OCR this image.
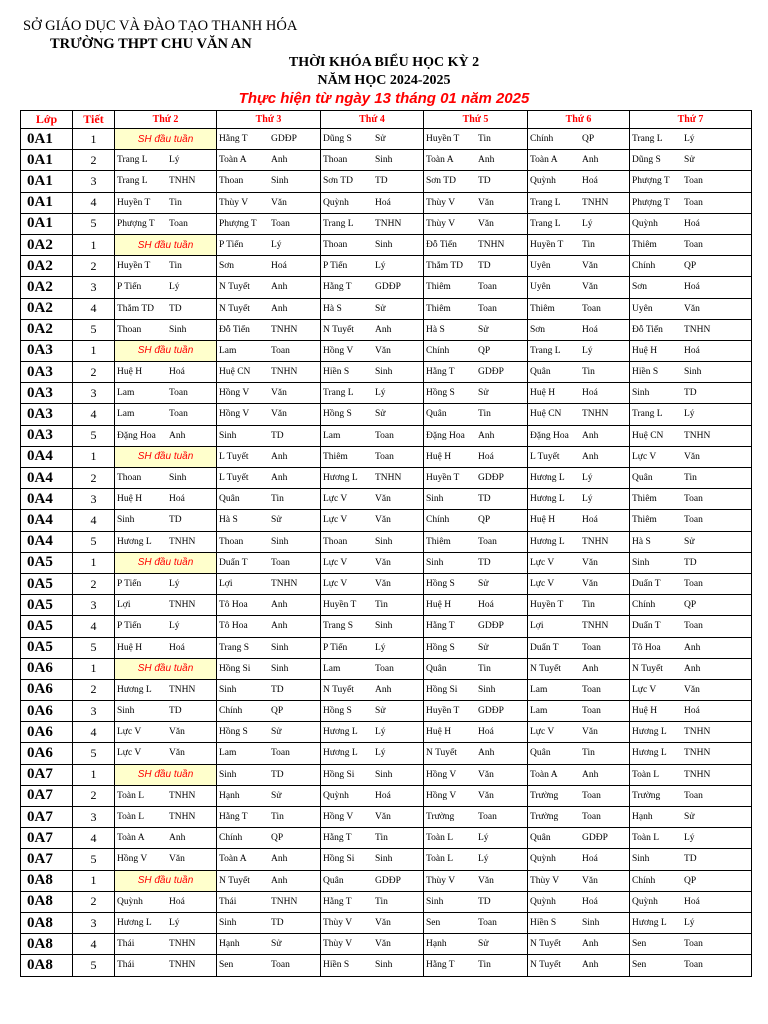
SỞ GIÁO DỤC VÀ ĐÀO TẠO THANH HÓA
TRƯỜNG THPT CHU VĂN AN
THỜI KHÓA BIỂU HỌC KỲ 2
NĂM HỌC 2024-2025
Thực hiện từ ngày 13 tháng 01 năm 2025
Lớp	Tiết	Thứ 2	Thứ 3	Thứ 4	Thứ 5	Thứ 6	Thứ 7
0A1	1	SH đầu tuần	Hằng T GDĐP	Dũng S Sử	Huyền T Tin	Chính QP	Trang L Lý
0A1	2	Trang L Lý	Toàn A Anh	Thoan Sinh	Toàn A Anh	Toàn A Anh	Dũng S Sử
0A1	3	Trang L TNHN	Thoan Sinh	Sơn TD TD	Sơn TD TD	Quỳnh Hoá	Phượng T Toan
0A1	4	Huyền T Tin	Thùy V Văn	Quỳnh Hoá	Thùy V Văn	Trang L TNHN	Phượng T Toan
0A1	5	Phượng T Toan	Phượng T Toan	Trang L TNHN	Thùy V Văn	Trang L Lý	Quỳnh Hoá
0A2	1	SH đầu tuần	P Tiến Lý	Thoan Sinh	Đỗ Tiến TNHN	Huyền T Tin	Thiêm Toan
0A2	2	Huyền T Tin	Sơn Hoá	P Tiến Lý	Thắm TD TD	Uyên Văn	Chính QP
0A2	3	P Tiến Lý	N Tuyết Anh	Hằng T GDĐP	Thiêm Toan	Uyên Văn	Sơn Hoá
0A2	4	Thắm TD TD	N Tuyết Anh	Hà S Sử	Thiêm Toan	Thiêm Toan	Uyên Văn
0A2	5	Thoan Sinh	Đỗ Tiến TNHN	N Tuyết Anh	Hà S Sử	Sơn Hoá	Đỗ Tiến TNHN
0A3	1	SH đầu tuần	Lam Toan	Hồng V Văn	Chính QP	Trang L Lý	Huệ H Hoá
0A3	2	Huệ H Hoá	Huệ CN TNHN	Hiền S Sinh	Hằng T GDĐP	Quân Tin	Hiền S Sinh
0A3	3	Lam Toan	Hồng V Văn	Trang L Lý	Hồng S Sử	Huệ H Hoá	Sinh TD
0A3	4	Lam Toan	Hồng V Văn	Hồng S Sử	Quân Tin	Huệ CN TNHN	Trang L Lý
0A3	5	Đặng Hoa Anh	Sinh TD	Lam Toan	Đặng Hoa Anh	Đặng Hoa Anh	Huệ CN TNHN
0A4	1	SH đầu tuần	L Tuyết Anh	Thiêm Toan	Huệ H Hoá	L Tuyết Anh	Lực V Văn
0A4	2	Thoan Sinh	L Tuyết Anh	Hương L TNHN	Huyền T GDĐP	Hương L Lý	Quân Tin
0A4	3	Huệ H Hoá	Quân Tin	Lực V Văn	Sinh TD	Hương L Lý	Thiêm Toan
0A4	4	Sinh TD	Hà S Sử	Lực V Văn	Chính QP	Huệ H Hoá	Thiêm Toan
0A4	5	Hương L TNHN	Thoan Sinh	Thoan Sinh	Thiêm Toan	Hương L TNHN	Hà S Sử
0A5	1	SH đầu tuần	Duẩn T Toan	Lực V Văn	Sinh TD	Lực V Văn	Sinh TD
0A5	2	P Tiến Lý	Lợi TNHN	Lực V Văn	Hồng S Sử	Lực V Văn	Duẩn T Toan
0A5	3	Lợi TNHN	Tô Hoa Anh	Huyền T Tin	Huệ H Hoá	Huyền T Tin	Chính QP
0A5	4	P Tiến Lý	Tô Hoa Anh	Trang S Sinh	Hằng T GDĐP	Lợi TNHN	Duẩn T Toan
0A5	5	Huệ H Hoá	Trang S Sinh	P Tiến Lý	Hồng S Sử	Duẩn T Toan	Tô Hoa Anh
0A6	1	SH đầu tuần	Hồng Si Sinh	Lam Toan	Quân Tin	N Tuyết Anh	N Tuyết Anh
0A6	2	Hương L TNHN	Sinh TD	N Tuyết Anh	Hồng Si Sinh	Lam Toan	Lực V Văn
0A6	3	Sinh TD	Chính QP	Hồng S Sử	Huyền T GDĐP	Lam Toan	Huệ H Hoá
0A6	4	Lực V Văn	Hồng S Sử	Hương L Lý	Huệ H Hoá	Lực V Văn	Hương L TNHN
0A6	5	Lực V Văn	Lam Toan	Hương L Lý	N Tuyết Anh	Quân Tin	Hương L TNHN
0A7	1	SH đầu tuần	Sinh TD	Hồng Si Sinh	Hồng V Văn	Toàn A Anh	Toàn L TNHN
0A7	2	Toàn L TNHN	Hạnh Sử	Quỳnh Hoá	Hồng V Văn	Trường Toan	Trường Toan
0A7	3	Toàn L TNHN	Hằng T Tin	Hồng V Văn	Trường Toan	Trường Toan	Hạnh Sử
0A7	4	Toàn A Anh	Chính QP	Hằng T Tin	Toàn L Lý	Quân GDĐP	Toàn L Lý
0A7	5	Hồng V Văn	Toàn A Anh	Hồng Si Sinh	Toàn L Lý	Quỳnh Hoá	Sinh TD
0A8	1	SH đầu tuần	N Tuyết Anh	Quân GDĐP	Thùy V Văn	Thùy V Văn	Chính QP
0A8	2	Quỳnh Hoá	Thái TNHN	Hằng T Tin	Sinh TD	Quỳnh Hoá	Quỳnh Hoá
0A8	3	Hương L Lý	Sinh TD	Thùy V Văn	Sen Toan	Hiền S Sinh	Hương L Lý
0A8	4	Thái TNHN	Hạnh Sử	Thùy V Văn	Hạnh Sử	N Tuyết Anh	Sen Toan
0A8	5	Thái TNHN	Sen Toan	Hiền S Sinh	Hằng T Tin	N Tuyết Anh	Sen Toan
